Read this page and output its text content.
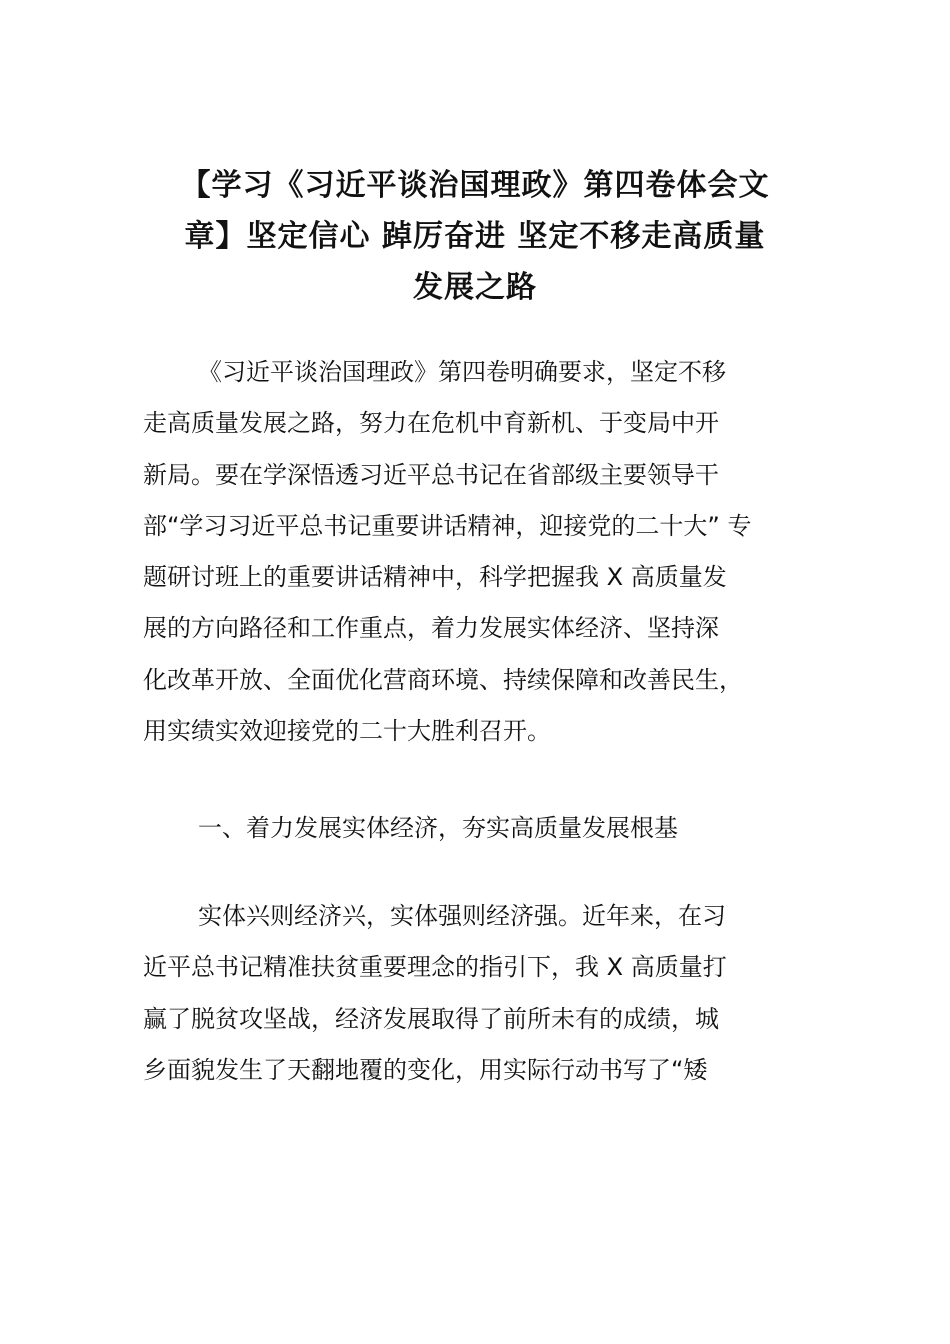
【学习《习近平谈治国理政》第四卷体会文
章】坚定信心 踔厉奋进 坚定不移走高质量
发展之路
《习近平谈治国理政》第四卷明确要求，坚定不移
走高质量发展之路，努力在危机中育新机、于变局中开
新局。要在学深悟透习近平总书记在省部级主要领导干
部“学习习近平总书记重要讲话精神，迎接党的二十大” 专
题研讨班上的重要讲话精神中，科学把握我 X 高质量发
展的方向路径和工作重点，着力发展实体经济、坚持深
化改革开放、全面优化营商环境、持续保障和改善民生，
用实绩实效迎接党的二十大胜利召开。
一、着力发展实体经济，夯实高质量发展根基
实体兴则经济兴，实体强则经济强。近年来，在习
近平总书记精准扶贫重要理念的指引下，我 X 高质量打
赢了脱贫攻坚战，经济发展取得了前所未有的成绩，城
乡面貌发生了天翻地覆的变化，用实际行动书写了“矮
